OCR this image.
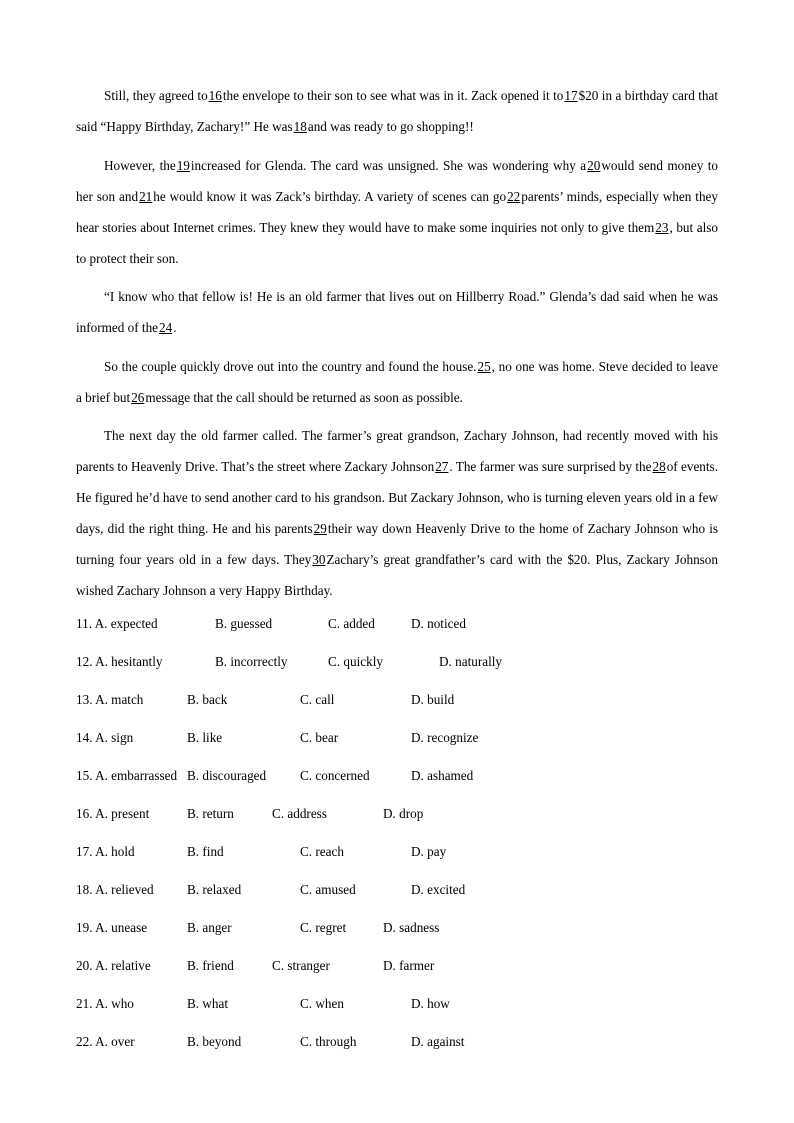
Still, they agreed to16the envelope to their son to see what was in it. Zack opened it to17$20 in a birthday card that said “Happy Birthday, Zachary!” He was18and was ready to go shopping!!

However, the19increased for Glenda. The card was unsigned. She was wondering why a20would send money to her son and21he would know it was Zack’s birthday. A variety of scenes can go22parents’ minds, especially when they hear stories about Internet crimes. They knew they would have to make some inquiries not only to give them23, but also to protect their son.

“I know who that fellow is! He is an old farmer that lives out on Hillberry Road.” Glenda’s dad said when he was informed of the24.

So the couple quickly drove out into the country and found the house.25, no one was home. Steve decided to leave a brief but26message that the call should be returned as soon as possible.

The next day the old farmer called. The farmer’s great grandson, Zachary Johnson, had recently moved with his parents to Heavenly Drive. That’s the street where Zackary Johnson27. The farmer was sure surprised by the28of events. He figured he’d have to send another card to his grandson. But Zackary Johnson, who is turning eleven years old in a few days, did the right thing. He and his parents29their way down Heavenly Drive to the home of Zachary Johnson who is turning four years old in a few days. They30Zachary’s great grandfather’s card with the $20. Plus, Zackary Johnson wished Zachary Johnson a very Happy Birthday.

11. A. expected	B. guessed	C. added	D. noticed
12. A. hesitantly	B. incorrectly	C. quickly	D. naturally
13. A. match	B. back	C. call	D. build
14. A. sign	B. like	C. bear	D. recognize
15. A. embarrassed B. discouraged	C. concerned	D. ashamed
16. A. present	B. return	C. address	D. drop
17. A. hold	B. find	C. reach	D. pay
18. A. relieved	B. relaxed	C. amused	D. excited
19. A. unease	B. anger	C. regret	D. sadness
20. A. relative	B. friend	C. stranger	D. farmer
21. A. who	B. what	C. when	D. how
22. A. over	B. beyond	C. through	D. against
